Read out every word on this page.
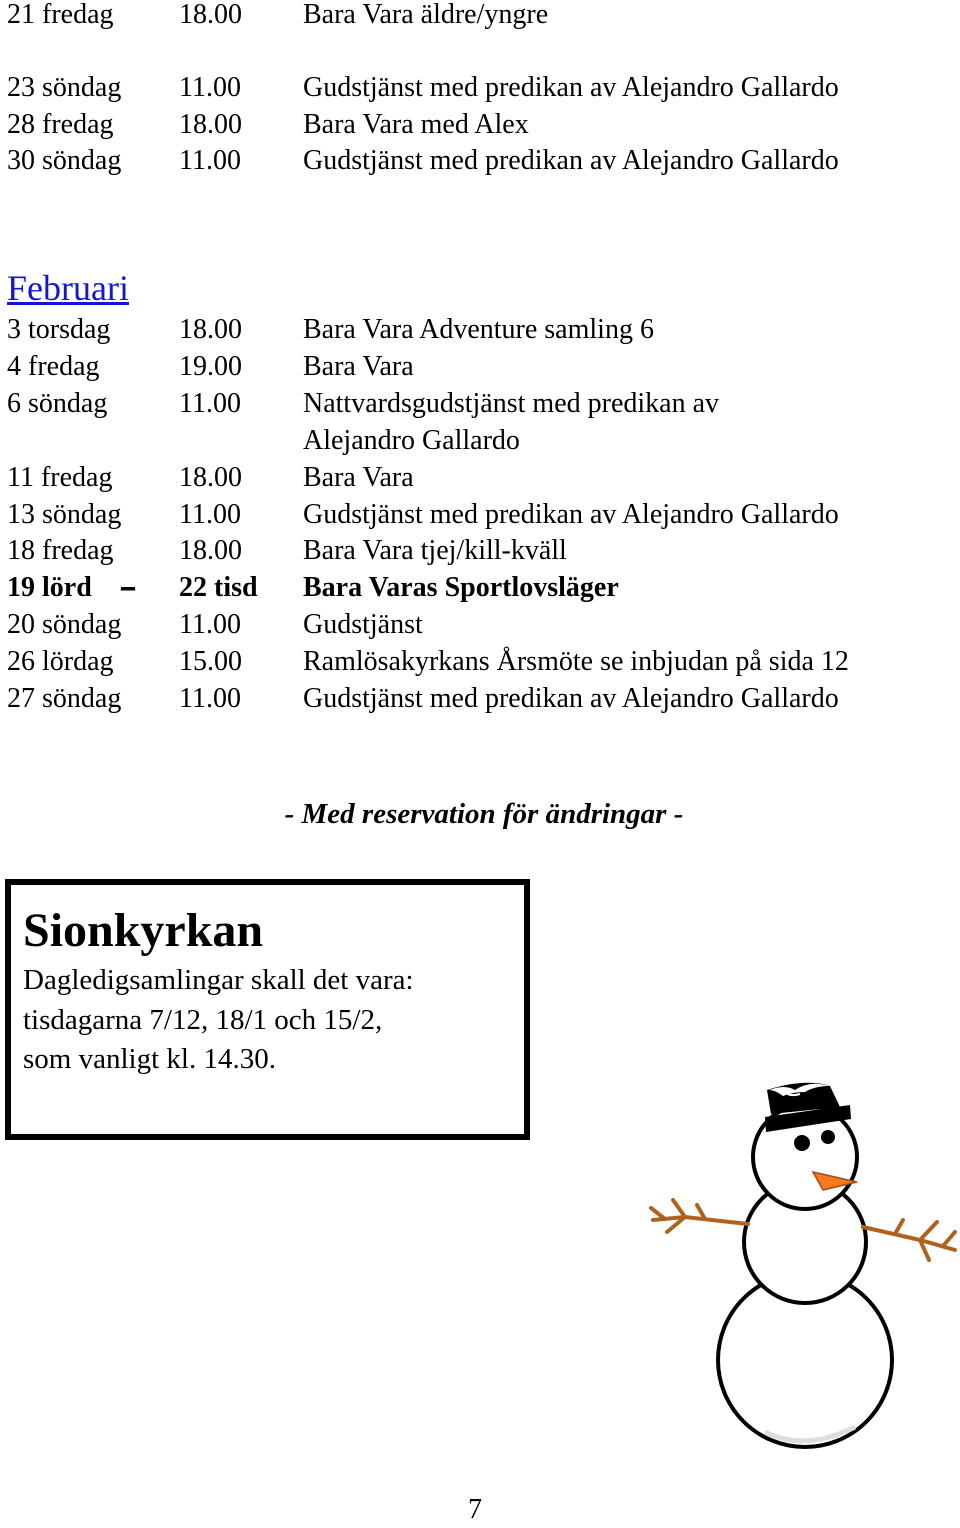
21 fredag 18.00 Bara Vara äldre/yngre
23 söndag 11.00 Gudstjänst med predikan av Alejandro Gallardo
28 fredag 18.00 Bara Vara med Alex
30 söndag 11.00 Gudstjänst med predikan av Alejandro Gallardo
Februari
3 torsdag 18.00 Bara Vara Adventure samling 6
4 fredag	19.00 Bara Vara
6 söndag	11.00 Nattvardsgudstjänst med predikan av
Alejandro Gallardo
11 fredag 18.00 Bara Vara
13 söndag 11.00 Gudstjänst med predikan av Alejandro Gallardo
18 fredag 18.00 Bara Vara tjej/kill-kväll
19 lörd – 22 tisd Bara Varas Sportlovsläger
20 söndag 11.00 Gudstjänst
26 lördag 15.00 Ramlösakyrkans Årsmöte se inbjudan på sida 12
27 söndag 11.00 Gudstjänst med predikan av Alejandro Gallardo
- Med reservation för ändringar -
Sionkyrkan
Dagledigsamlingar skall det vara:
tisdagarna 7/12, 18/1 och 15/2,
som vanligt kl. 14.30.
7
